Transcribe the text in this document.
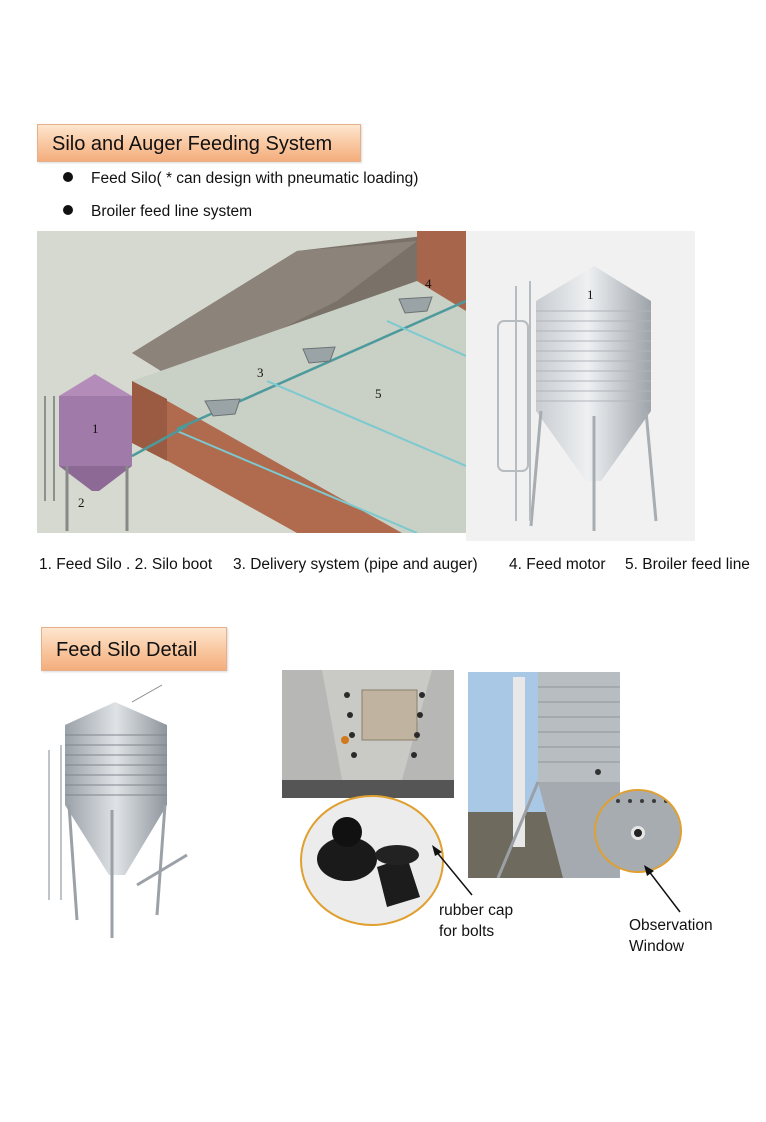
Silo and Auger Feeding System
Feed Silo( * can design with pneumatic loading)
Broiler feed line system
1
2
3
4
5
1
1. Feed Silo . 2. Silo boot 3. Delivery system (pipe and auger) 4. Feed motor 5. Broiler feed line
Feed Silo Detail
rubber cap
for bolts	Observation
Window
